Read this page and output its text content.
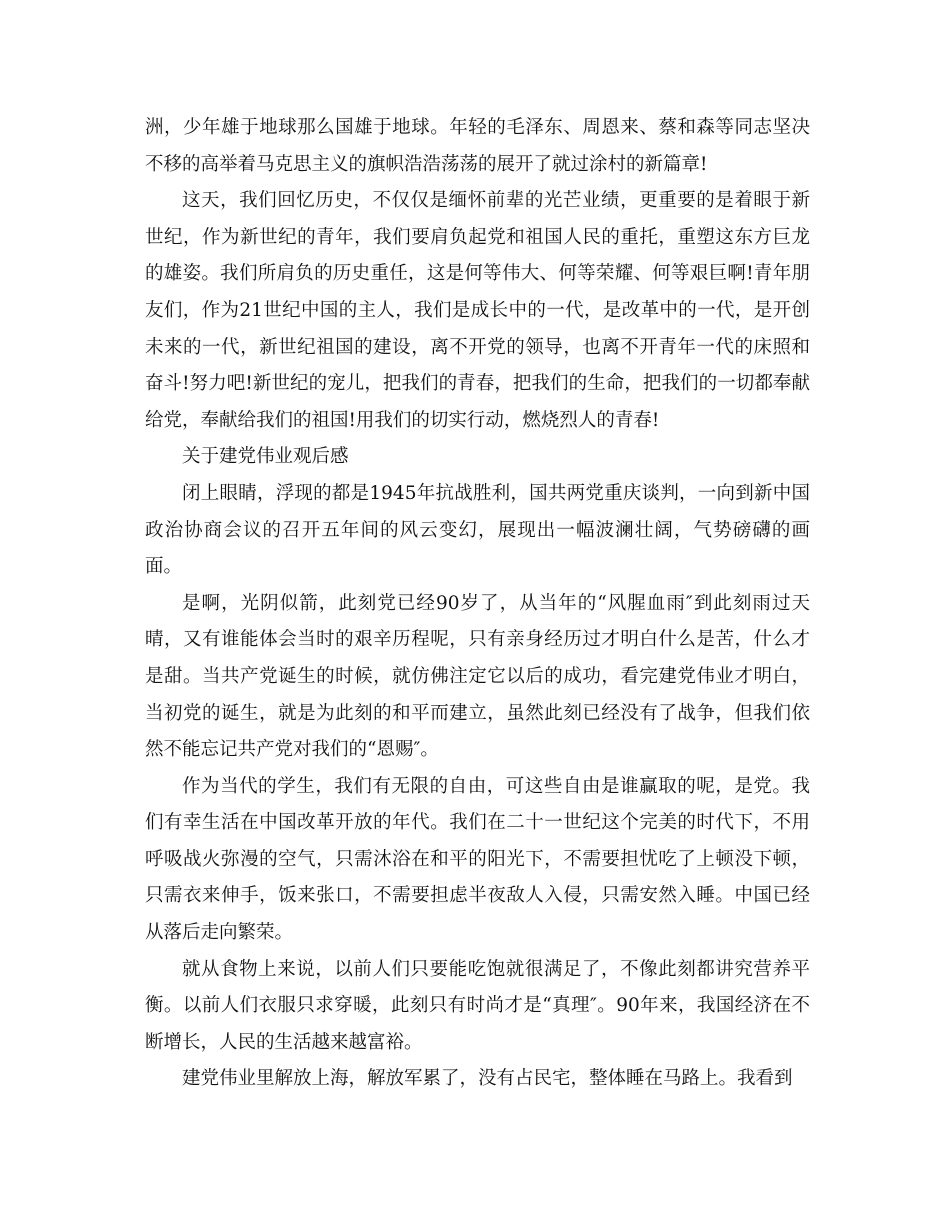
洲，少年雄于地球那么国雄于地球。年轻的毛泽东、周恩来、蔡和森等同志坚决不移的高举着马克思主义的旗帜浩浩荡荡的展开了就过涂村的新篇章!

这天，我们回忆历史，不仅仅是缅怀前辈的光芒业绩，更重要的是着眼于新世纪，作为新世纪的青年，我们要肩负起党和祖国人民的重托，重塑这东方巨龙的雄姿。我们所肩负的历史重任，这是何等伟大、何等荣耀、何等艰巨啊!青年朋友们，作为21世纪中国的主人，我们是成长中的一代，是改革中的一代，是开创未来的一代，新世纪祖国的建设，离不开党的领导，也离不开青年一代的床照和奋斗!努力吧!新世纪的宠儿，把我们的青春，把我们的生命，把我们的一切都奉献给党，奉献给我们的祖国!用我们的切实行动，燃烧烈人的青春!

关于建党伟业观后感

闭上眼睛，浮现的都是1945年抗战胜利，国共两党重庆谈判，一向到新中国政治协商会议的召开五年间的风云变幻，展现出一幅波澜壮阔，气势磅礴的画面。

是啊，光阴似箭，此刻党已经90岁了，从当年的“风腥血雨″到此刻雨过天晴，又有谁能体会当时的艰辛历程呢，只有亲身经历过才明白什么是苦，什么才是甜。当共产党诞生的时候，就仿佛注定它以后的成功，看完建党伟业才明白，当初党的诞生，就是为此刻的和平而建立，虽然此刻已经没有了战争，但我们依然不能忘记共产党对我们的“恩赐″。

作为当代的学生，我们有无限的自由，可这些自由是谁赢取的呢，是党。我们有幸生活在中国改革开放的年代。我们在二十一世纪这个完美的时代下，不用呼吸战火弥漫的空气，只需沐浴在和平的阳光下，不需要担忧吃了上顿没下顿，只需衣来伸手，饭来张口，不需要担虑半夜敌人入侵，只需安然入睡。中国已经从落后走向繁荣。

就从食物上来说，以前人们只要能吃饱就很满足了，不像此刻都讲究营养平衡。以前人们衣服只求穿暖，此刻只有时尚才是“真理″。90年来，我国经济在不断增长，人民的生活越来越富裕。

建党伟业里解放上海，解放军累了，没有占民宅，整体睡在马路上。我看到
